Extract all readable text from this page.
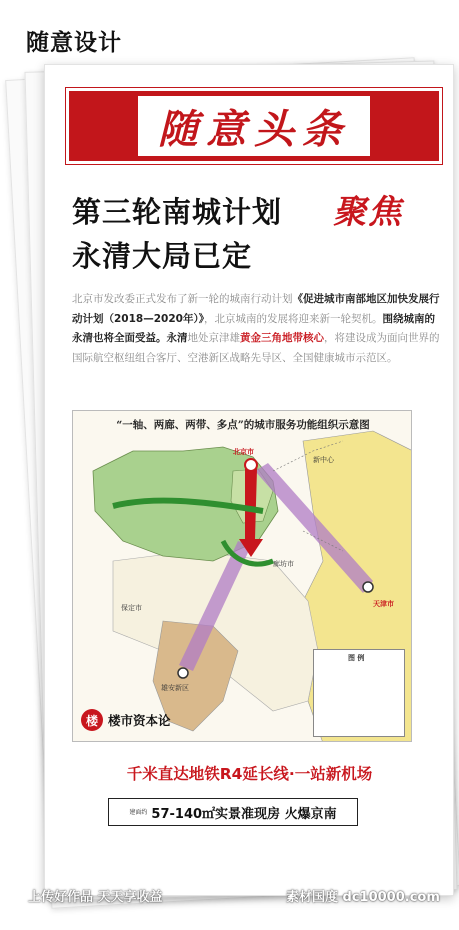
随意设计
随意头条
第三轮南城计划 聚焦
永清大局已定
北京市发改委正式发布了新一轮的城南行动计划《促进城市南部地区加快发展行动计划（2018—2020年）》，北京城南的发展将迎来新一轮契机。围绕城南的永清也将全面受益。永清地处京津雄黄金三角地带核心，将建设成为面向世界的国际航空枢纽组合客厅、空港新区战略先导区、全国健康城市示范区。
“一轴、两廊、两带、多点”的城市服务功能组织示意图
北京市
新中心
廊坊市
天津市
保定市
雄安新区
图 例
楼 楼市资本论
千米直达地铁R4延长线·一站新机场
建面约 57-140㎡实景准现房 火爆京南
上传好作品 天天享收益	素材国度 dc10000.com
